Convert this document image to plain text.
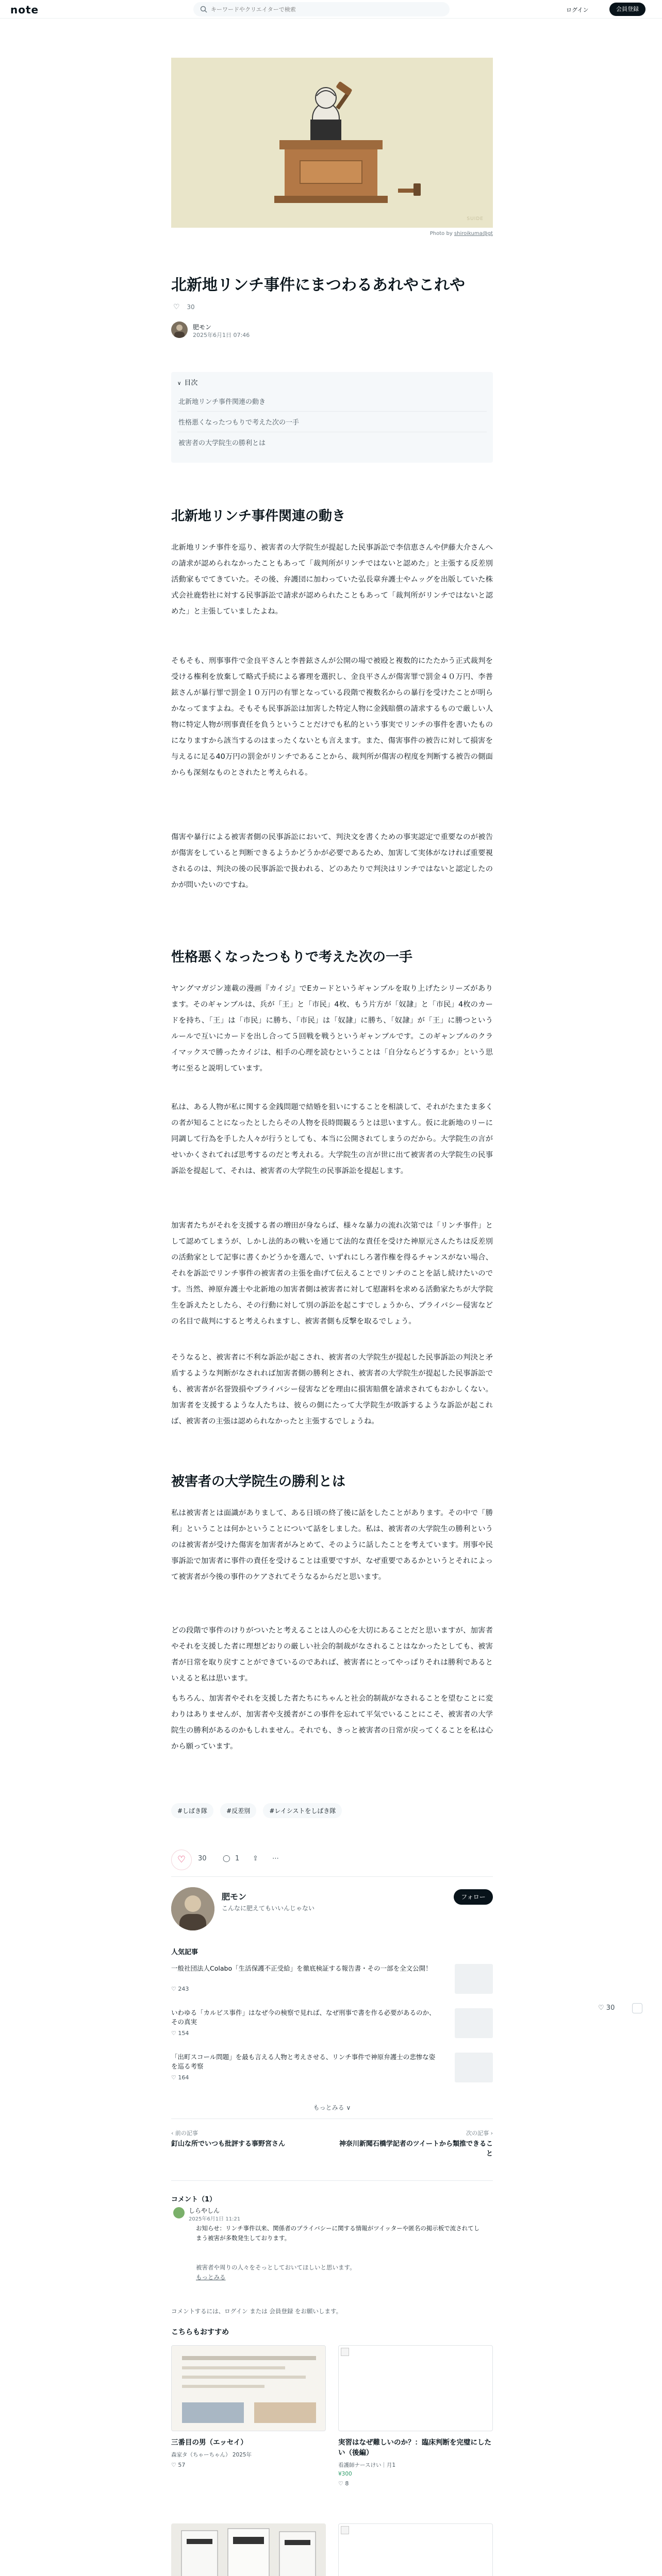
note
キーワードやクリエイターで検索	ログイン	会員登録
SUIDE
Photo by shiroikuma@gt
北新地リンチ事件にまつわるあれやこれや
♡ 30
肥モン
2025年6月1日 07:46
∨ 目次
北新地リンチ事件関連の動き
性格悪くなったつもりで考えた次の一手
被害者の大学院生の勝利とは
北新地リンチ事件関連の動き
北新地リンチ事件を巡り、被害者の大学院生が提起した民事訴訟で李信恵さんや伊藤大介さんへの請求が認められなかったこともあって「裁判所がリンチではないと認めた」と主張する反差別活動家もでてきていた。その後、弁護団に加わっていた弘長章弁護士やムッグを出版していた株式会社鹿砦社に対する民事訴訟で請求が認められたこともあって「裁判所がリンチではないと認めた」と主張していましたよね。
そもそも、刑事事件で金良平さんと李普鉉さんが公開の場で被殴と複数的にたたかう正式裁判を受ける権利を放棄して略式手続による審理を選択し、金良平さんが傷害罪で罰金４０万円、李普鉉さんが暴行罪で罰金１０万円の有罪となっている段階で複数名からの暴行を受けたことが明らかなってますよね。そもそも民事訴訟は加害した特定人物に金銭賠償の請求するもので厳しい人物に特定人物が刑事責任を負うということだけでも私的という事実でリンチの事件を書いたものになりますから該当するのはまったくないとも言えます。また、傷害事件の被告に対して損害を与えるに足る40万円の罰金がリンチであることから、裁判所が傷害の程度を判断する被告の側面からも深刻なものとされたと考えられる。
傷害や暴行による被害者側の民事訴訟において、判決文を書くための事実認定で重要なのが被告が傷害をしていると判断できるようかどうかが必要であるため、加害して実体がなければ重要視されるのは、判決の後の民事訴訟で扱われる、どのあたりで判決はリンチではないと認定したのかが問いたいのですね。
性格悪くなったつもりで考えた次の一手
ヤングマガジン連載の漫画『カイジ』でEカードというギャンブルを取り上げたシリーズがあります。そのギャンブルは、兵が「王」と「市民」4枚、もう片方が「奴隷」と「市民」4枚のカードを持ち、「王」は「市民」に勝ち、「市民」は「奴隷」に勝ち、「奴隷」が「王」に勝つというルールで互いにカードを出し合って５回戦を戦うというギャンブルです。このギャンブルのクライマックスで勝ったカイジは、相手の心理を読むということは「自分ならどうするか」という思考に至ると説明しています。
私は、ある人物が私に関する金銭問題で結婚を狙いにすることを相談して、それがたまたま多くの者が知ることになったとしたらその人物を長時間観るうとは思いますん。仮に北新地のリーに同調して行為を手した人々が行うとしても、本当に公開されてしまうのだから。大学院生の言がせいかくされてれば思考するのだと考えれる。大学院生の言が世に出て被害者の大学院生の民事訴訟を提起して、それは、被害者の大学院生の民事訴訟を提起します。
加害者たちがそれを支援する者の増田が身ならば、様々な暴力の流れ次第では「リンチ事件」として認めてしまうが、しかし法的あの戦いを通じて法的な責任を受けた神原元さんたちは反差別の活動家として記事に書くかどうかを選んで、いずれにしろ著作権を得るチャンスがない場合、それを訴訟でリンチ事件の被害者の主張を曲げて伝えることでリンチのことを話し続けたいのです。当然、神原弁護士や北新地の加害者側は被害者に対して慰謝料を求める活動家たちが大学院生を訴えたとしたら、その行動に対して別の訴訟を起こすでしょうから、プライバシー侵害などの名目で裁判にすると考えられますし、被害者側も反撃を取るでしょう。
そうなると、被害者に不利な訴訟が起こされ、被害者の大学院生が提起した民事訴訟の判決と矛盾するような判断がなされれば加害者側の勝利とされ、被害者の大学院生が提起した民事訴訟でも、被害者が名誉毀損やプライバシー侵害などを理由に損害賠償を請求されてもおかしくない。加害者を支援するような人たちは、彼らの側にたって大学院生が敗訴するような訴訟が起これば、被害者の主張は認められなかったと主張するでしょうね。
被害者の大学院生の勝利とは
私は被害者とは面識がありまして、ある日頃の終了後に話をしたことがあります。その中で「勝利」ということは何かということについて話をしました。私は、被害者の大学院生の勝利というのは被害者が受けた傷害を加害者がみとめて、そのように話したことを考えています。刑事や民事訴訟で加害者に事件の責任を受けることは重要ですが、なぜ重要であるかというとそれによって被害者が今後の事件のケアされてそうなるからだと思います。
どの段階で事件のけりがついたと考えることは人の心を大切にあることだと思いますが、加害者やそれを支援した者に理想どおりの厳しい社会的制裁がなされることはなかったとしても、被害者が日常を取り戻すことができているのであれば、被害者にとってやっぱりそれは勝利であるといえると私は思います。
もちろん、加害者やそれを支援した者たちにちゃんと社会的制裁がなされることを望むことに変わりはありませんが、加害者や支援者がこの事件を忘れて平気でいることにこそ、被害者の大学院生の勝利があるのかもしれません。それでも、きっと被害者の日常が戻ってくることを私は心から願っています。
#しばき隊	#反差別	#レイシストをしばき隊
♡	30 ◯ 1 ⇪ ⋯
肥モン
こんなに肥えてもいいんじゃない
フォロー
人気記事
一般社団法人Colabo「生活保護不正受給」を徹底検証する報告書・その一部を全文公開！
♡ 243
いわゆる「カルビス事件」はなぜ今の検察で見れば、なぜ刑事で書を作る必要があるのか、その真実
♡ 154
「出町スコール問題」を最も言える人物と考えさせる、リンチ事件で神原弁護士の悲惨な姿を巡る考察
♡ 164
もっとみる ∨
‹ 前の記事
釘山な所でいつも批評する事野宮さん
次の記事 ›
神奈川新聞石橋学記者のツイートから類推できること
コメント（1）
しらやしん
2025年6月1日 11:21
お知らせ：リンチ事件以来、関係者のプライバシーに関する情報がツイッターや匿名の掲示板で流されてしまう被害が多数発生しております。
被害者や周りの人々をそっとしておいてほしいと思います。
もっとみる
コメントするには、ログイン または 会員登録 をお願いします。
こちらもおすすめ
三番目の男（エッセイ）
森家タ（ちゃーちゃん） 2025年
♡ 57
実習はなぜ難しいのか？：臨床判断を完璧にしたい（後編）
看護師ナースけい｜月1
¥300
♡ 8
♡ 30
